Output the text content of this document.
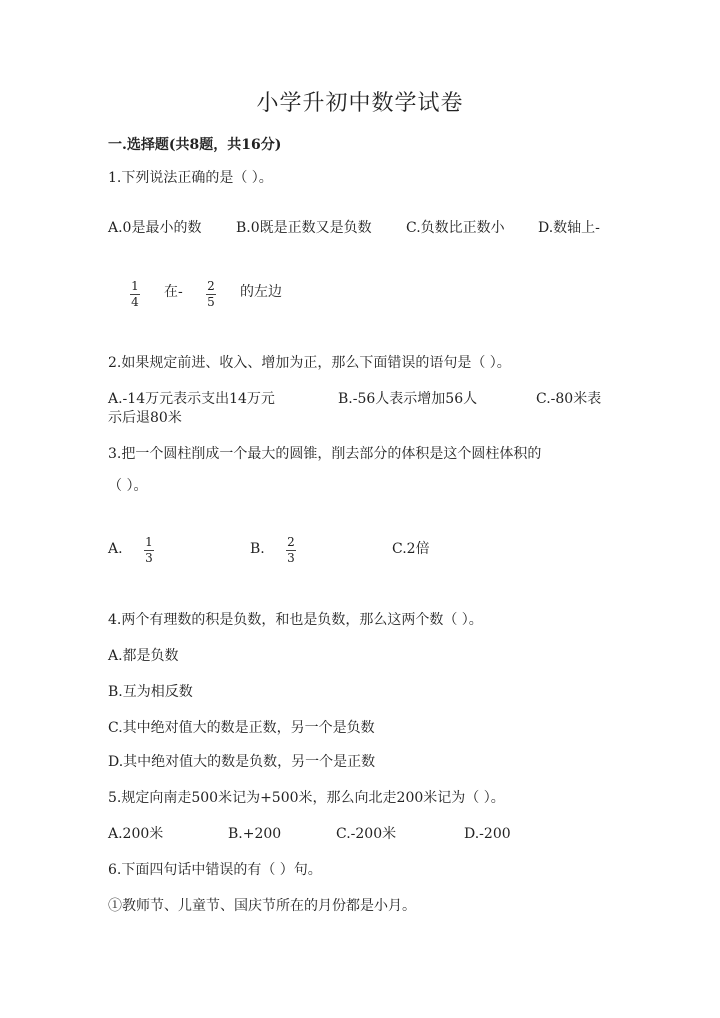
小学升初中数学试卷
一.选择题(共8题，共16分)
1.下列说法正确的是（ ）。
A.0是最小的数 B.0既是正数又是负数 C.负数比正数小 D.数轴上-
1
4
在- 2
5
的左边
2.如果规定前进、收入、增加为正，那么下面错误的语句是（ ）。
A.-14万元表示支出14万元	B.-56人表示增加56人	C.-80米表
示后退80米
3.把一个圆柱削成一个最大的圆锥，削去部分的体积是这个圆柱体积的
（ ）。
A. 1
3
B. 2
3
C.2倍
4.两个有理数的积是负数，和也是负数，那么这两个数（ ）。
A.都是负数
B.互为相反数
C.其中绝对值大的数是正数，另一个是负数
D.其中绝对值大的数是负数，另一个是正数
5.规定向南走500米记为+500米，那么向北走200米记为（ ）。
A.200米	B.+200	C.-200米	D.-200
6.下面四句话中错误的有（ ）句。
①教师节、儿童节、国庆节所在的月份都是小月。
